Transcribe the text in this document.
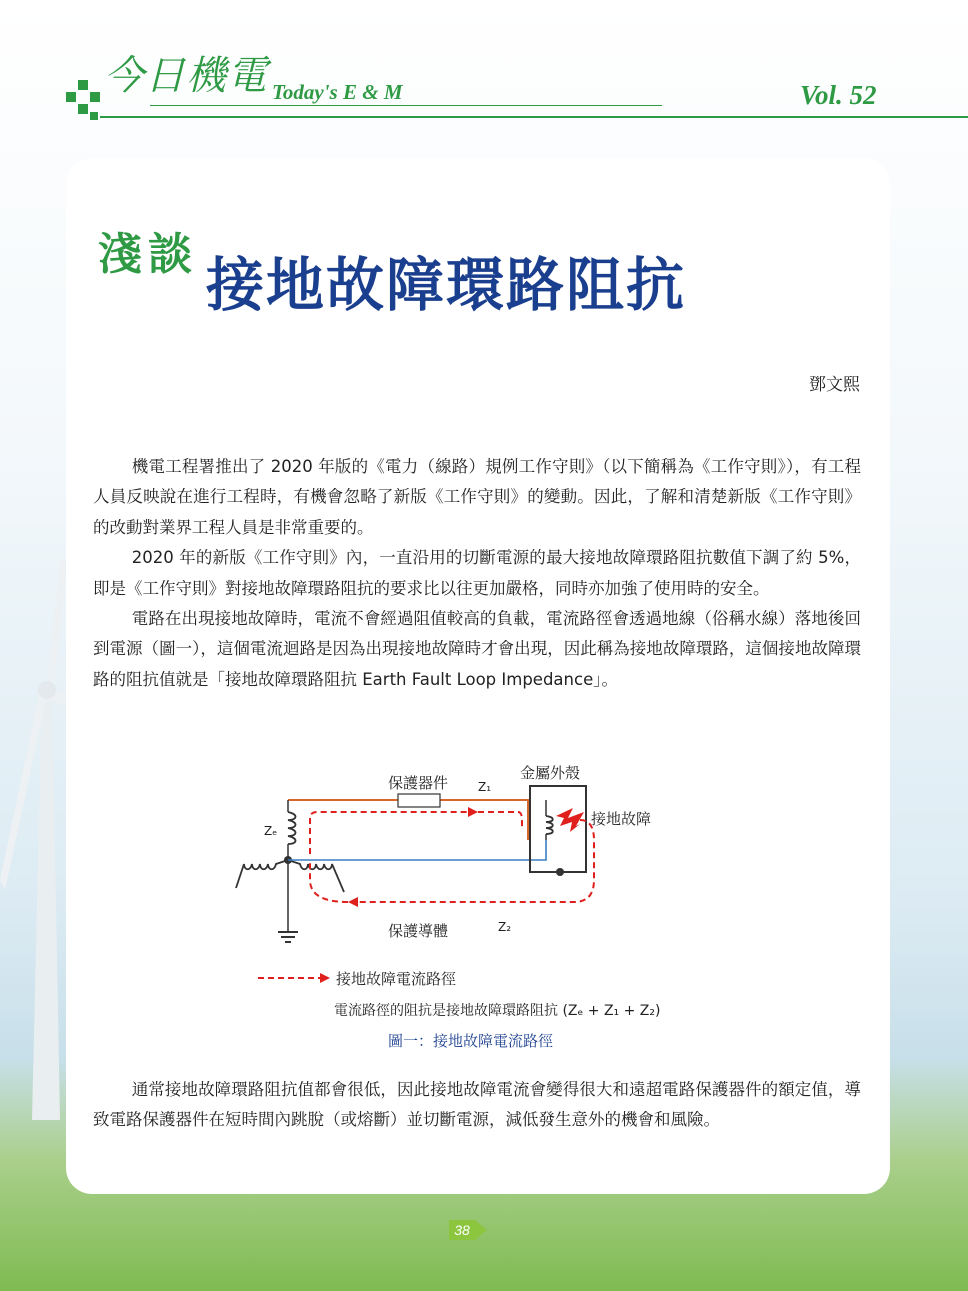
今日機電 Today's E & M	Vol. 52
淺談 接地故障環路阻抗
鄧文熙

機電工程署推出了 2020 年版的《電力（線路）規例工作守則》（以下簡稱為《工作守則》），有工程人員反映說在進行工程時，有機會忽略了新版《工作守則》的變動。因此，了解和清楚新版《工作守則》的改動對業界工程人員是非常重要的。

2020 年的新版《工作守則》內，一直沿用的切斷電源的最大接地故障環路阻抗數值下調了約 5%，即是《工作守則》對接地故障環路阻抗的要求比以往更加嚴格，同時亦加強了使用時的安全。

電路在出現接地故障時，電流不會經過阻值較高的負載，電流路徑會透過地線（俗稱水線）落地後回到電源（圖一），這個電流迴路是因為出現接地故障時才會出現，因此稱為接地故障環路，這個接地故障環路的阻抗值就是「接地故障環路阻抗 Earth Fault Loop Impedance」。

保護器件 Z₁
金屬外殼
接地故障
Zₑ
保護導體	Z₂
接地故障電流路徑
電流路徑的阻抗是接地故障環路阻抗 (Zₑ + Z₁ + Z₂)
圖一：接地故障電流路徑

通常接地故障環路阻抗值都會很低，因此接地故障電流會變得很大和遠超電路保護器件的額定值，導致電路保護器件在短時間內跳脫（或熔斷）並切斷電源，減低發生意外的機會和風險。

38
